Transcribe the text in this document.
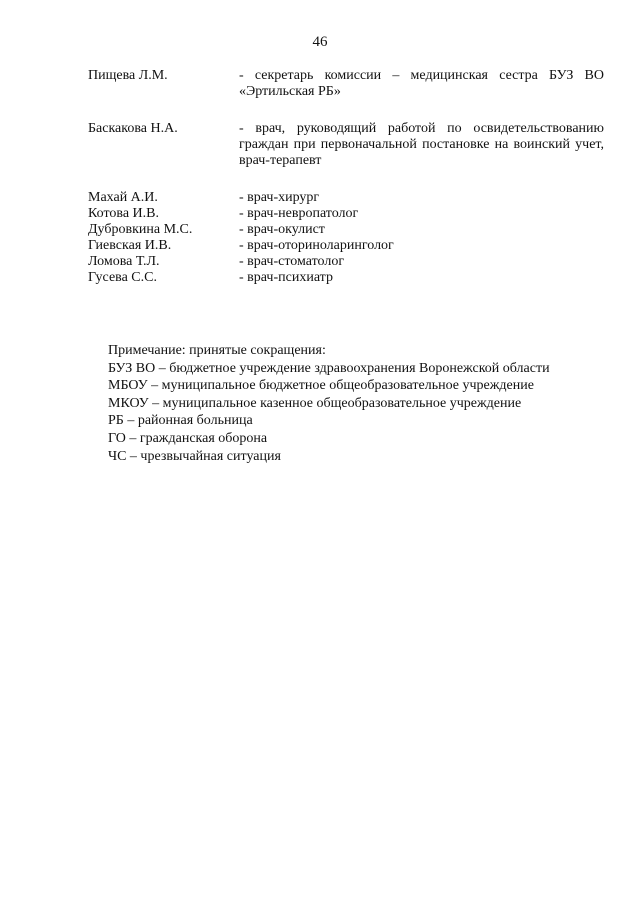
46
Пищева Л.М.	- секретарь комиссии – медицинская сестра БУЗ ВО «Эртильская РБ»
Баскакова Н.А.	- врач, руководящий работой по освидетельствованию граждан при первоначальной постановке на воинский учет, врач-терапевт
Махай А.И.	- врач-хирург
Котова И.В.	- врач-невропатолог
Дубровкина М.С.	- врач-окулист
Гиевская И.В.	- врач-оториноларинголог
Ломова Т.Л.	- врач-стоматолог
Гусева С.С.	- врач-психиатр
Примечание: принятые сокращения:
БУЗ ВО – бюджетное учреждение здравоохранения Воронежской области
МБОУ – муниципальное бюджетное общеобразовательное учреждение
МКОУ – муниципальное казенное общеобразовательное учреждение
РБ – районная больница
ГО – гражданская оборона
ЧС – чрезвычайная ситуация
